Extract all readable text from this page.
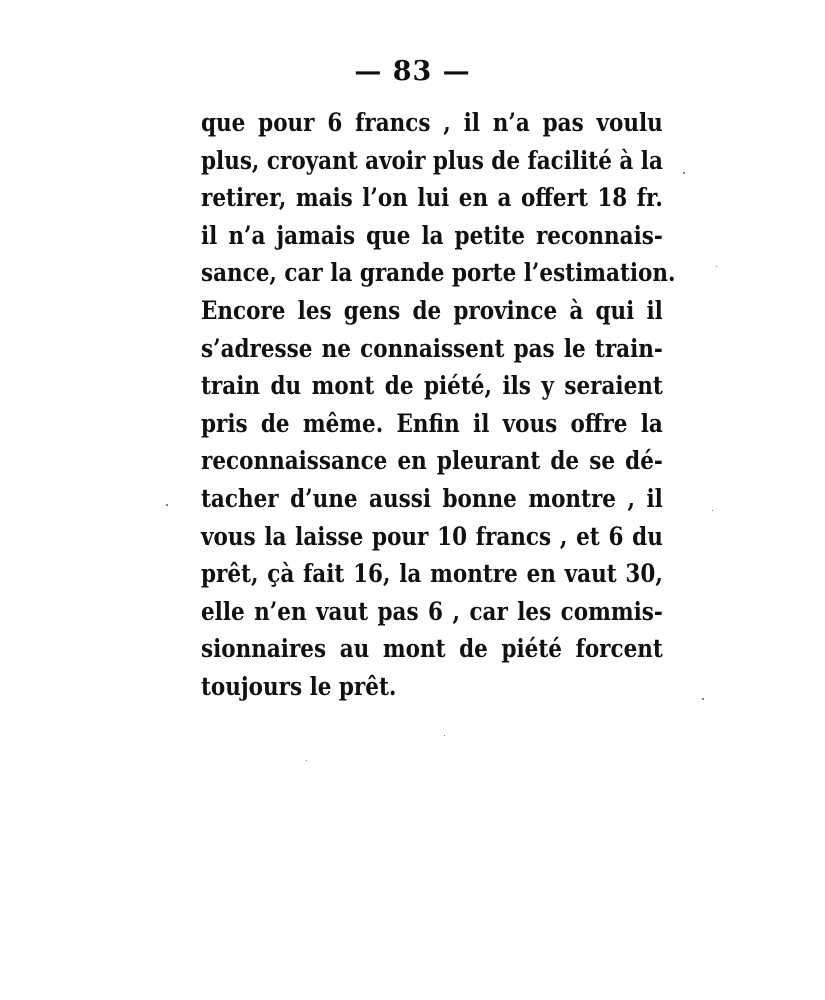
— 83 —
que pour 6 francs , il n’a pas voulu
plus, croyant avoir plus de facilité à la
retirer, mais l’on lui en a offert 18 fr.
il n’a jamais que la petite reconnais-
sance, car la grande porte l’estimation.
Encore les gens de province à qui il
s’adresse ne connaissent pas le train-
train du mont de piété, ils y seraient
pris de même. Enfin il vous offre la
reconnaissance en pleurant de se dé-
tacher d’une aussi bonne montre , il
vous la laisse pour 10 francs , et 6 du
prêt, çà fait 16, la montre en vaut 30,
elle n’en vaut pas 6 , car les commis-
sionnaires au mont de piété forcent
toujours le prêt.
